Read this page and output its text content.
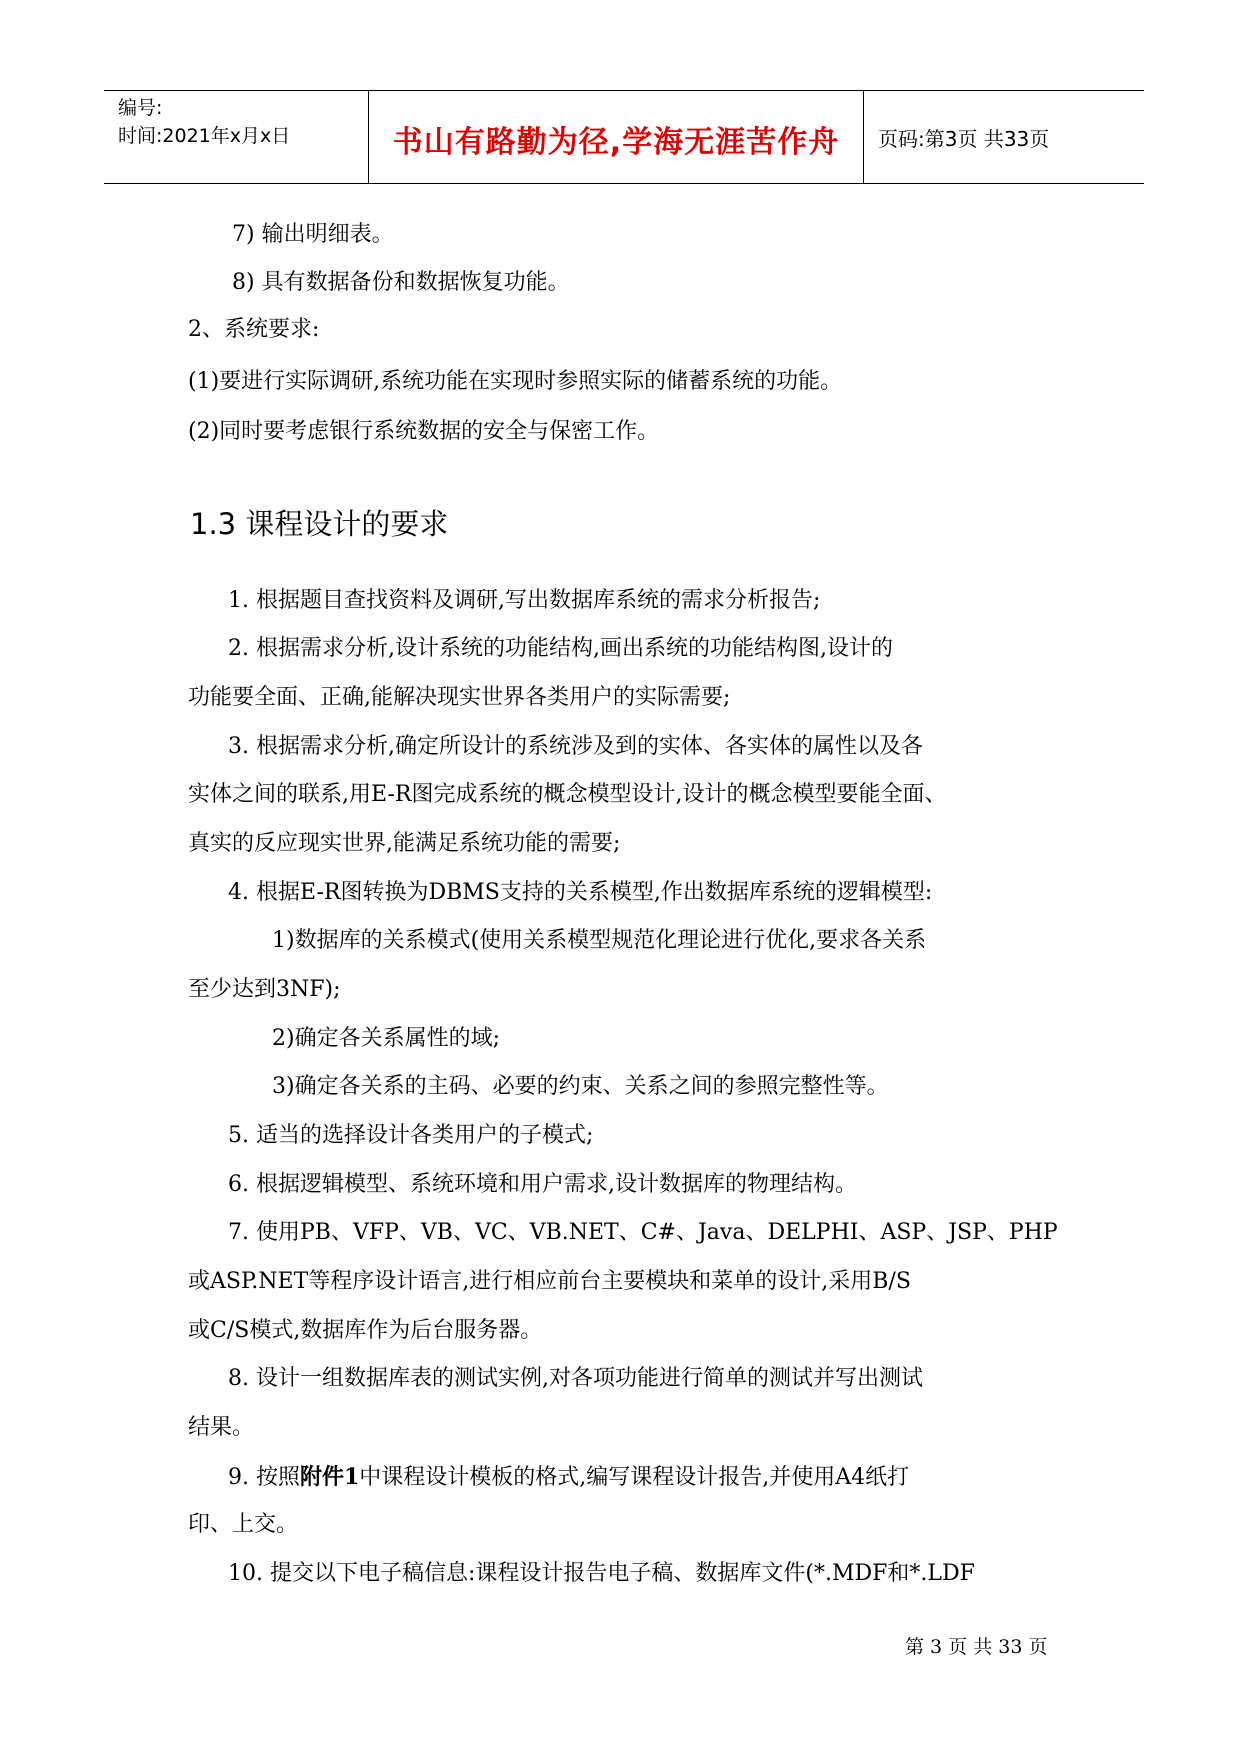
编号:
时间:2021年x月x日	书山有路勤为径,学海无涯苦作舟	页码:第3页 共33页
7) 输出明细表。
8) 具有数据备份和数据恢复功能。
2、系统要求:
(1)要进行实际调研,系统功能在实现时参照实际的储蓄系统的功能。
(2)同时要考虑银行系统数据的安全与保密工作。
1.3 课程设计的要求
1. 根据题目查找资料及调研,写出数据库系统的需求分析报告;
2. 根据需求分析,设计系统的功能结构,画出系统的功能结构图,设计的
功能要全面、正确,能解决现实世界各类用户的实际需要;
3. 根据需求分析,确定所设计的系统涉及到的实体、各实体的属性以及各
实体之间的联系,用E-R图完成系统的概念模型设计,设计的概念模型要能全面、
真实的反应现实世界,能满足系统功能的需要;
4. 根据E-R图转换为DBMS支持的关系模型,作出数据库系统的逻辑模型:
1)数据库的关系模式(使用关系模型规范化理论进行优化,要求各关系
至少达到3NF);
2)确定各关系属性的域;
3)确定各关系的主码、必要的约束、关系之间的参照完整性等。
5. 适当的选择设计各类用户的子模式;
6. 根据逻辑模型、系统环境和用户需求,设计数据库的物理结构。
7. 使用PB、VFP、VB、VC、VB.NET、C#、Java、DELPHI、ASP、JSP、PHP
或ASP.NET等程序设计语言,进行相应前台主要模块和菜单的设计,采用B/S
或C/S模式,数据库作为后台服务器。
8. 设计一组数据库表的测试实例,对各项功能进行简单的测试并写出测试
结果。
9. 按照附件1中课程设计模板的格式,编写课程设计报告,并使用A4纸打
印、上交。
10. 提交以下电子稿信息:课程设计报告电子稿、数据库文件(*.MDF和*.LDF
第 3 页 共 33 页
